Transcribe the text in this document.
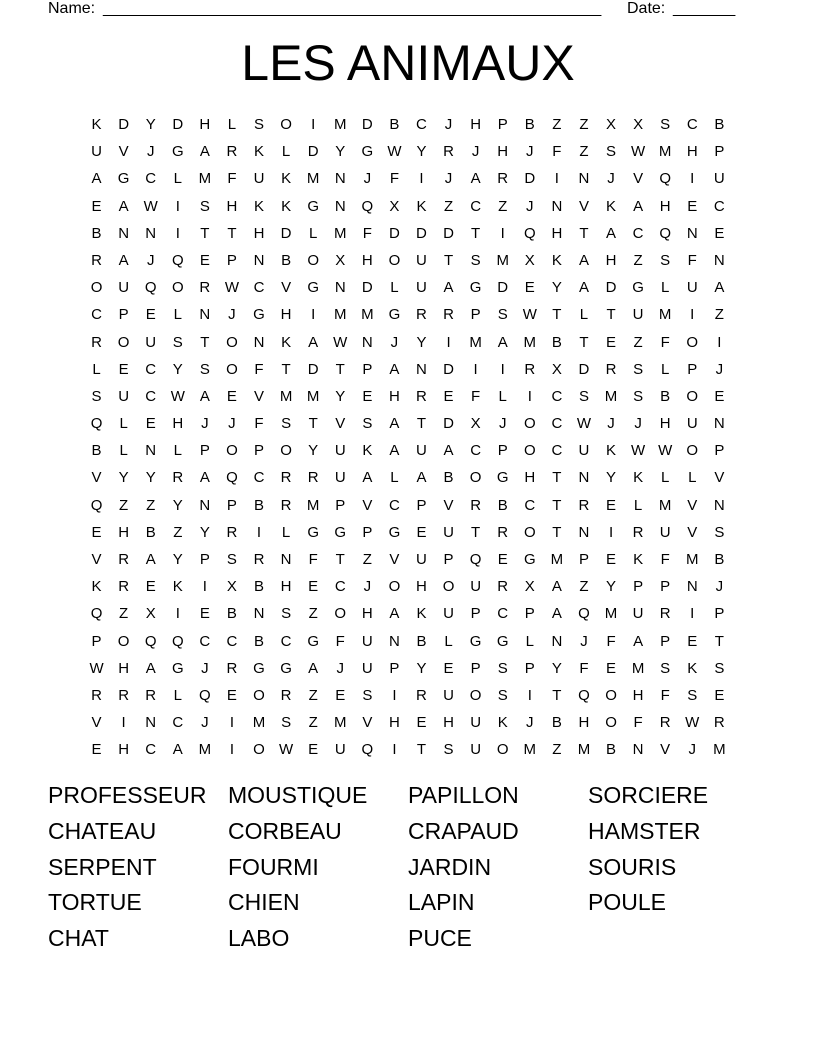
Name: ________________________________________________________ Date: _______
LES ANIMAUX
K	D	Y	D	H	L	S	O	I	M	D	B	C	J	H	P	B	Z	Z	X	X	S	C	B
U	V	J	G	A	R	K	L	D	Y	G W Y	R	J	H	J	F	Z	S W M	H	P
A	G	C	L	M	F	U	K	M	N	J	F	I	J	A	R	D	I	N	J	V	Q	I	U
E	A W	I	S	H	K	K	G	N	Q	X	K	Z	C	Z	J	N	V	K	A	H	E	C
B	N	N	I	T	T	H	D	L	M	F	D	D	D	T	I	Q	H	T	A	C	Q	N	E
R	A	J	Q	E	P	N	B	O	X	H	O	U	T	S	M	X	K	A	H	Z	S	F	N
O	U	Q	O	R W C	V	G	N	D	L	U	A	G	D	E	Y	A	D	G	L	U	A
C	P	E	L	N	J	G	H	I	M M	G	R	R	P	S W	T	L	T	U	M	I	Z
R	O	U	S	T	O	N	K	A W N	J	Y	I	M	A	M	B	T	E	Z	F	O	I
L	E	C	Y	S	O	F	T	D	T	P	A	N	D	I	I	R	X	D	R	S	L	P	J
S	U	C W A	E	V	M M	Y	E	H	R	E	F	L	I	C	S	M	S	B	O	E
Q	L	E	H	J	J	F	S	T	V	S	A	T	D	X	J	O	C W	J	J	H	U	N
B	L	N	L	P	O	P	O	Y	U	K	A	U	A	C	P	O	C	U	K W W O	P
V	Y	Y	R	A	Q	C	R	R	U	A	L	A	B	O	G	H	T	N	Y	K	L	L	V
Q	Z	Z	Y	N	P	B	R	M	P	V	C	P	V	R	B	C	T	R	E	L	M	V	N
E	H	B	Z	Y	R	I	L	G	G	P	G	E	U	T	R	O	T	N	I	R	U	V	S
V	R	A	Y	P	S	R	N	F	T	Z	V	U	P	Q	E	G M	P	E	K	F	M	B
K	R	E	K	I	X	B	H	E	C	J	O	H	O	U	R	X	A	Z	Y	P	P	N	J
Q	Z	X	I	E	B	N	S	Z	O	H	A	K	U	P	C	P	A	Q M	U	R	I	P
P	O	Q	Q	C	C	B	C	G	F	U	N	B	L	G	G	L	N	J	F	A	P	E	T
W H	A	G	J	R	G	G	A	J	U	P	Y	E	P	S	P	Y	F	E	M	S	K	S
R	R	R	L	Q	E	O	R	Z	E	S	I	R	U	O	S	I	T	Q	O	H	F	S	E
V	I	N	C	J	I	M	S	Z	M	V	H	E	H	U	K	J	B	H	O	F	R W R
E	H	C	A	M	I	O W E	U	Q	I	T	S	U	O M	Z	M	B	N	V	J	M
PROFESSEUR MOUSTIQUE	PAPILLON	SORCIERE
CHATEAU	CORBEAU	CRAPAUD	HAMSTER
SERPENT	FOURMI	JARDIN	SOURIS
TORTUE	CHIEN	LAPIN	POULE
CHAT	LABO	PUCE
